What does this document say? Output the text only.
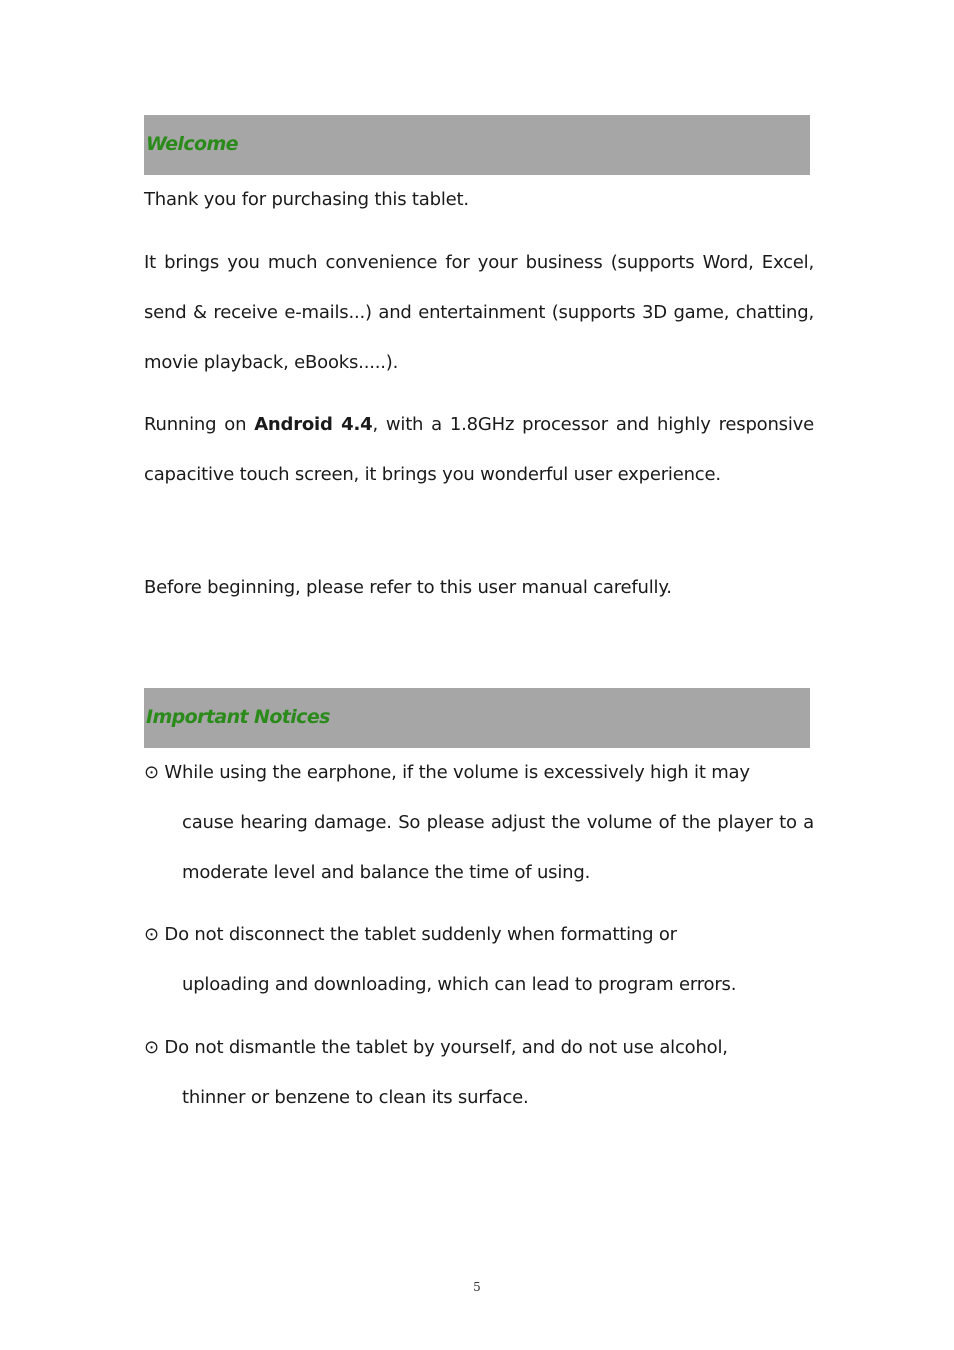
Welcome
Thank you for purchasing this tablet.
It brings you much convenience for your business (supports Word, Excel, send & receive e-mails...) and entertainment (supports 3D game, chatting, movie playback, eBooks.....).
Running on Android 4.4, with a 1.8GHz processor and highly responsive capacitive touch screen, it brings you wonderful user experience.
Before beginning, please refer to this user manual carefully.
Important Notices
⊙ While using the earphone, if the volume is excessively high it may
cause hearing damage. So please adjust the volume of the player to a moderate level and balance the time of using.
⊙ Do not disconnect the tablet suddenly when formatting or
uploading and downloading, which can lead to program errors.
⊙ Do not dismantle the tablet by yourself, and do not use alcohol,
thinner or benzene to clean its surface.
5
